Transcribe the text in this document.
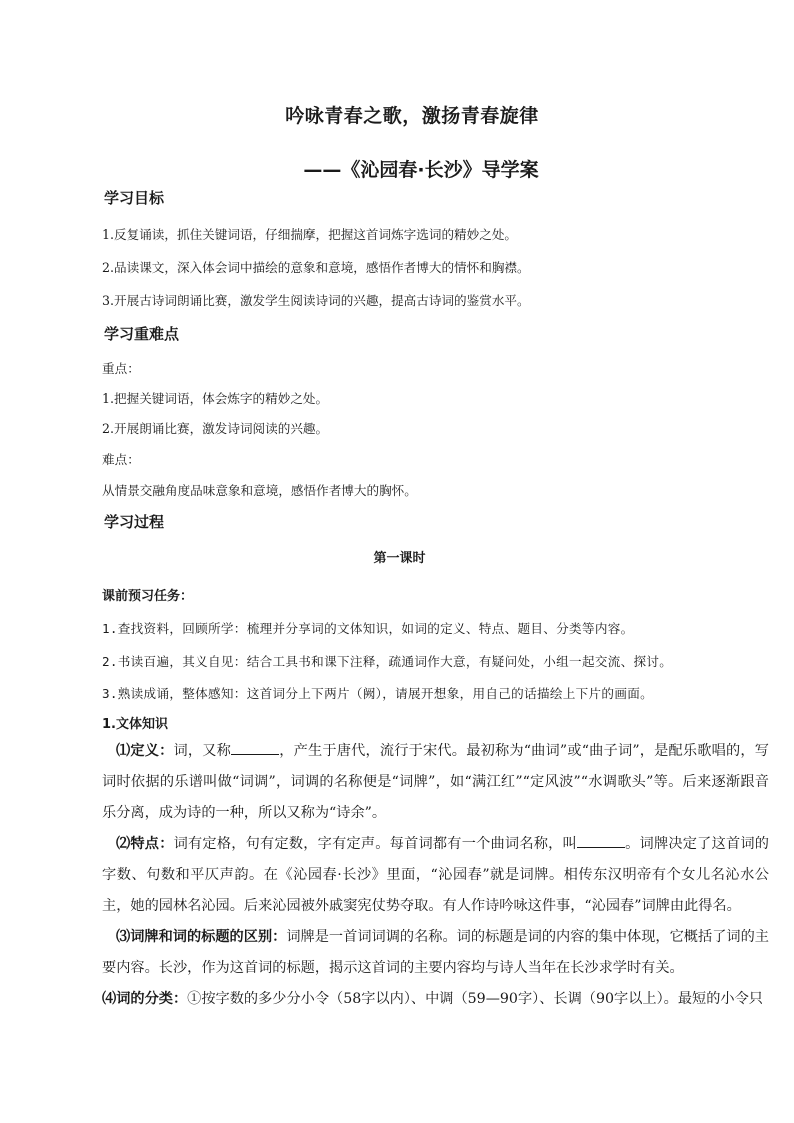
吟咏青春之歌，激扬青春旋律
——《沁园春·长沙》导学案
学习目标
1.反复诵读，抓住关键词语，仔细揣摩，把握这首词炼字选词的精妙之处。
2.品读课文，深入体会词中描绘的意象和意境，感悟作者博大的情怀和胸襟。
3.开展古诗词朗诵比赛，激发学生阅读诗词的兴趣，提高古诗词的鉴赏水平。
学习重难点
重点：
1.把握关键词语，体会炼字的精妙之处。
2.开展朗诵比赛，激发诗词阅读的兴趣。
难点：
从情景交融角度品味意象和意境，感悟作者博大的胸怀。
学习过程
第一课时
课前预习任务：
1.查找资料，回顾所学：梳理并分享词的文体知识，如词的定义、特点、题目、分类等内容。
2.书读百遍，其义自见：结合工具书和课下注释，疏通词作大意，有疑问处，小组一起交流、探讨。
3.熟读成诵，整体感知：这首词分上下两片（阙），请展开想象，用自己的话描绘上下片的画面。
1.文体知识
⑴定义：词，又称	，产生于唐代，流行于宋代。最初称为“曲词”或“曲子词”，是配乐歌唱的，写词时依据的乐谱叫做“词调”，词调的名称便是“词牌”，如“满江红”“定风波”“水调歌头”等。后来逐渐跟音乐分离，成为诗的一种，所以又称为“诗余”。
⑵特点：词有定格，句有定数，字有定声。每首词都有一个曲词名称，叫	。词牌决定了这首词的字数、句数和平仄声韵。在《沁园春·长沙》里面，“沁园春”就是词牌。相传东汉明帝有个女儿名沁水公主，她的园林名沁园。后来沁园被外戚窦宪仗势夺取。有人作诗吟咏这件事，“沁园春”词牌由此得名。
⑶词牌和词的标题的区别：词牌是一首词词调的名称。词的标题是词的内容的集中体现，它概括了词的主要内容。长沙，作为这首词的标题，揭示这首词的主要内容均与诗人当年在长沙求学时有关。
⑷词的分类：①按字数的多少分小令（58字以内）、中调（59—90字）、长调（90字以上）。最短的小令只
